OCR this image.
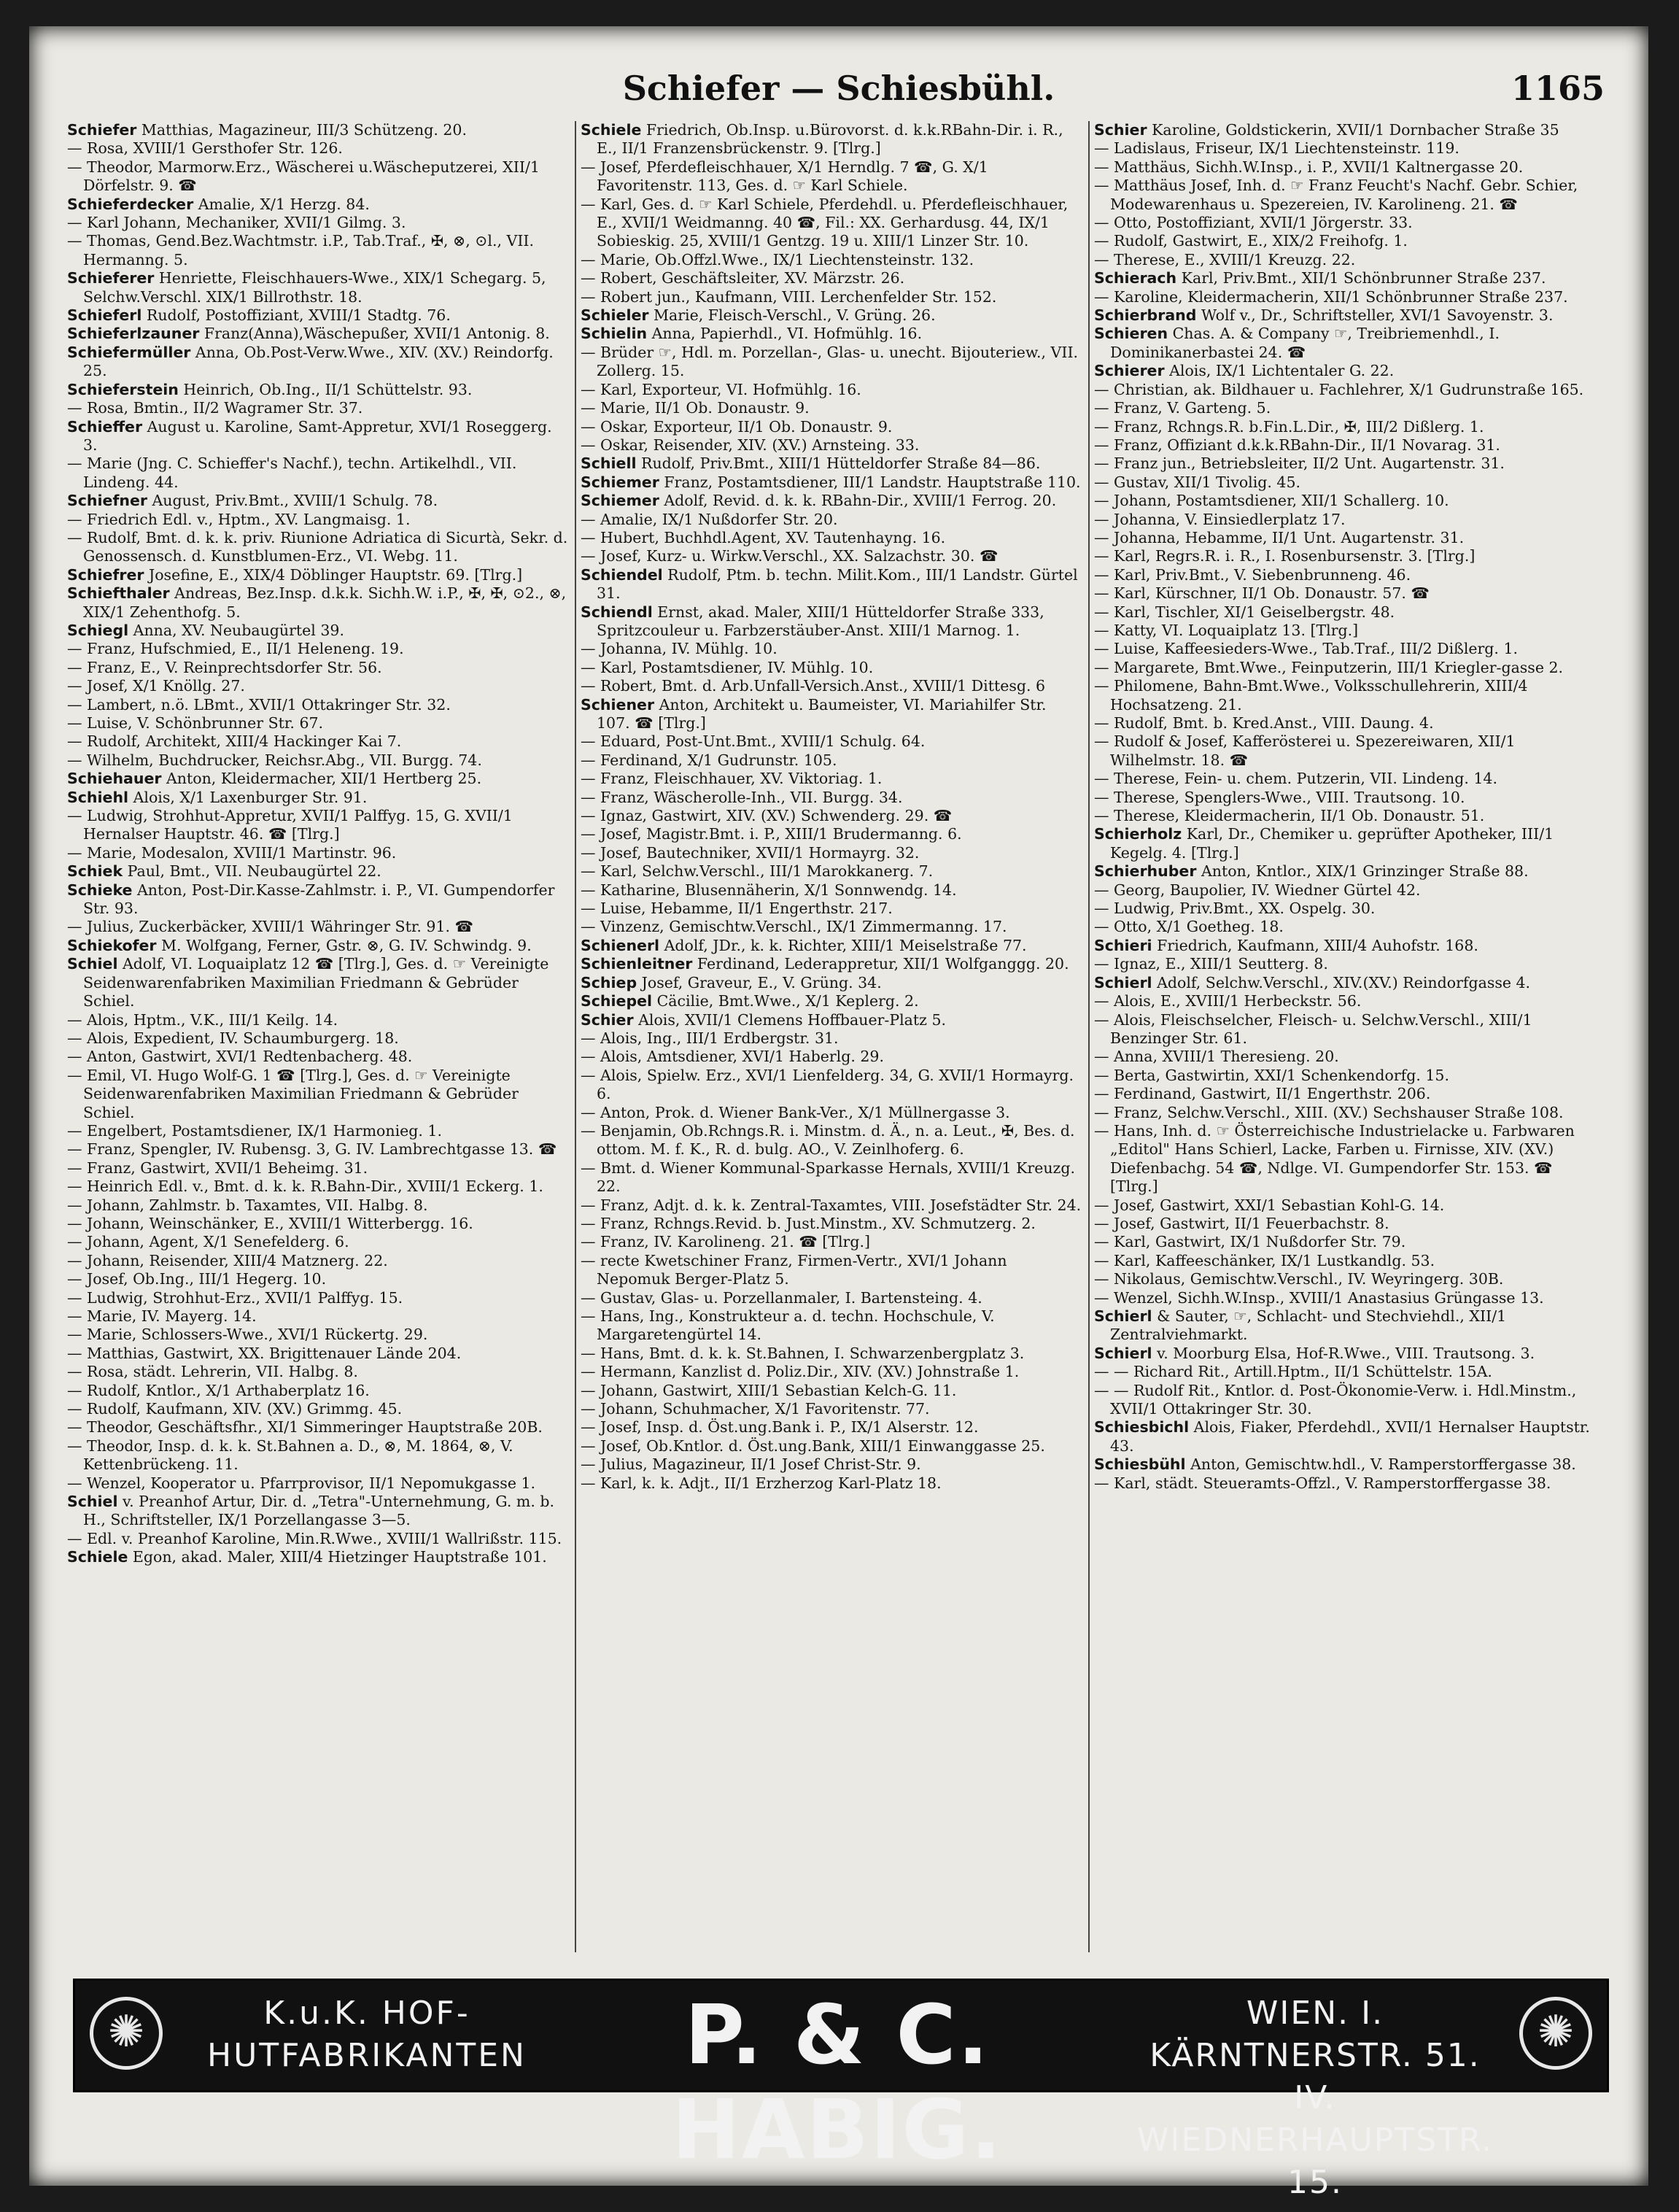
Schiefer — Schiesbühl.	1165

Schiefer Matthias, Magazineur, III/3 Schützeng. 20.

— Rosa, XVIII/1 Gersthofer Str. 126.

— Theodor, Marmorw.Erz., Wäscherei u.Wäscheputzerei, XII/1 Dörfelstr. 9. ☎

Schieferdecker Amalie, X/1 Herzg. 84.

— Karl Johann, Mechaniker, XVII/1 Gilmg. 3.

— Thomas, Gend.Bez.Wachtmstr. i.P., Tab.Traf., ✠, ⊗, ⊙l., VII. Hermanng. 5.

Schieferer Henriette, Fleischhauers-Wwe., XIX/1 Schegarg. 5, Selchw.Verschl. XIX/1 Billrothstr. 18.

Schieferl Rudolf, Postoffiziant, XVIII/1 Stadtg. 76.

Schieferlzauner Franz(Anna),Wäschepußer, XVII/1 Antonig. 8.

Schiefermüller Anna, Ob.Post-Verw.Wwe., XIV. (XV.) Reindorfg. 25.

Schieferstein Heinrich, Ob.Ing., II/1 Schüttelstr. 93.

— Rosa, Bmtin., II/2 Wagramer Str. 37.

Schieffer August u. Karoline, Samt-Appretur, XVI/1 Roseggerg. 3.

— Marie (Jng. C. Schieffer's Nachf.), techn. Artikelhdl., VII. Lindeng. 44.

Schiefner August, Priv.Bmt., XVIII/1 Schulg. 78.

— Friedrich Edl. v., Hptm., XV. Langmaisg. 1.

— Rudolf, Bmt. d. k. k. priv. Riunione Adriatica di Sicurtà, Sekr. d. Genossensch. d. Kunstblumen-Erz., VI. Webg. 11.

Schiefrer Josefine, E., XIX/4 Döblinger Hauptstr. 69. [Tlrg.]

Schiefthaler Andreas, Bez.Insp. d.k.k. Sichh.W. i.P., ✠, ✠, ⊙2., ⊗, XIX/1 Zehenthofg. 5.

Schiegl Anna, XV. Neubaugürtel 39.

— Franz, Hufschmied, E., II/1 Heleneng. 19.

— Franz, E., V. Reinprechtsdorfer Str. 56.

— Josef, X/1 Knöllg. 27.

— Lambert, n.ö. LBmt., XVII/1 Ottakringer Str. 32.

— Luise, V. Schönbrunner Str. 67.

— Rudolf, Architekt, XIII/4 Hackinger Kai 7.

— Wilhelm, Buchdrucker, Reichsr.Abg., VII. Burgg. 74.

Schiehauer Anton, Kleidermacher, XII/1 Hertberg 25.

Schiehl Alois, X/1 Laxenburger Str. 91.

— Ludwig, Strohhut-Appretur, XVII/1 Palffyg. 15, G. XVII/1 Hernalser Hauptstr. 46. ☎ [Tlrg.]

— Marie, Modesalon, XVIII/1 Martinstr. 96.

Schiek Paul, Bmt., VII. Neubaugürtel 22.

Schieke Anton, Post-Dir.Kasse-Zahlmstr. i. P., VI. Gumpendorfer Str. 93.

— Julius, Zuckerbäcker, XVIII/1 Währinger Str. 91. ☎

Schiekofer M. Wolfgang, Ferner, Gstr. ⊗, G. IV. Schwindg. 9.

Schiel Adolf, VI. Loquaiplatz 12 ☎ [Tlrg.], Ges. d. ☞ Vereinigte Seidenwarenfabriken Maximilian Friedmann & Gebrüder Schiel.

— Alois, Hptm., V.K., III/1 Keilg. 14.

— Alois, Expedient, IV. Schaumburgerg. 18.

— Anton, Gastwirt, XVI/1 Redtenbacherg. 48.

— Emil, VI. Hugo Wolf-G. 1 ☎ [Tlrg.], Ges. d. ☞ Vereinigte Seidenwarenfabriken Maximilian Friedmann & Gebrüder Schiel.

— Engelbert, Postamtsdiener, IX/1 Harmonieg. 1.

— Franz, Spengler, IV. Rubensg. 3, G. IV. Lambrechtgasse 13. ☎

— Franz, Gastwirt, XVII/1 Beheimg. 31.

— Heinrich Edl. v., Bmt. d. k. k. R.Bahn-Dir., XVIII/1 Eckerg. 1.

— Johann, Zahlmstr. b. Taxamtes, VII. Halbg. 8.

— Johann, Weinschänker, E., XVIII/1 Witterbergg. 16.

— Johann, Agent, X/1 Senefelderg. 6.

— Johann, Reisender, XIII/4 Matznerg. 22.

— Josef, Ob.Ing., III/1 Hegerg. 10.

— Ludwig, Strohhut-Erz., XVII/1 Palffyg. 15.

— Marie, IV. Mayerg. 14.

— Marie, Schlossers-Wwe., XVI/1 Rückertg. 29.

— Matthias, Gastwirt, XX. Brigittenauer Lände 204.

— Rosa, städt. Lehrerin, VII. Halbg. 8.

— Rudolf, Kntlor., X/1 Arthaberplatz 16.

— Rudolf, Kaufmann, XIV. (XV.) Grimmg. 45.

— Theodor, Geschäftsfhr., XI/1 Simmeringer Hauptstraße 20B.

— Theodor, Insp. d. k. k. St.Bahnen a. D., ⊗, M. 1864, ⊗, V. Kettenbrückeng. 11.

— Wenzel, Kooperator u. Pfarrprovisor, II/1 Nepomukgasse 1.

Schiel v. Preanhof Artur, Dir. d. „Tetra"-Unternehmung, G. m. b. H., Schriftsteller, IX/1 Porzellangasse 3—5.

— Edl. v. Preanhof Karoline, Min.R.Wwe., XVIII/1 Wallrißstr. 115.

Schiele Egon, akad. Maler, XIII/4 Hietzinger Hauptstraße 101.

Schiele Friedrich, Ob.Insp. u.Bürovorst. d. k.k.RBahn-Dir. i. R., E., II/1 Franzensbrückenstr. 9. [Tlrg.]

— Josef, Pferdefleischhauer, X/1 Herndlg. 7 ☎, G. X/1 Favoritenstr. 113, Ges. d. ☞ Karl Schiele.

— Karl, Ges. d. ☞ Karl Schiele, Pferdehdl. u. Pferdefleischhauer, E., XVII/1 Weidmanng. 40 ☎, Fil.: XX. Gerhardusg. 44, IX/1 Sobieskig. 25, XVIII/1 Gentzg. 19 u. XIII/1 Linzer Str. 10.

— Marie, Ob.Offzl.Wwe., IX/1 Liechtensteinstr. 132.

— Robert, Geschäftsleiter, XV. Märzstr. 26.

— Robert jun., Kaufmann, VIII. Lerchenfelder Str. 152.

Schieler Marie, Fleisch-Verschl., V. Grüng. 26.

Schielin Anna, Papierhdl., VI. Hofmühlg. 16.

— Brüder ☞, Hdl. m. Porzellan-, Glas- u. unecht. Bijouteriew., VII. Zollerg. 15.

— Karl, Exporteur, VI. Hofmühlg. 16.

— Marie, II/1 Ob. Donaustr. 9.

— Oskar, Exporteur, II/1 Ob. Donaustr. 9.

— Oskar, Reisender, XIV. (XV.) Arnsteing. 33.

Schiell Rudolf, Priv.Bmt., XIII/1 Hütteldorfer Straße 84—86.

Schiemer Franz, Postamtsdiener, III/1 Landstr. Hauptstraße 110.

Schiemer Adolf, Revid. d. k. k. RBahn-Dir., XVIII/1 Ferrog. 20.

— Amalie, IX/1 Nußdorfer Str. 20.

— Hubert, Buchhdl.Agent, XV. Tautenhayng. 16.

— Josef, Kurz- u. Wirkw.Verschl., XX. Salzachstr. 30. ☎

Schiendel Rudolf, Ptm. b. techn. Milit.Kom., III/1 Landstr. Gürtel 31.

Schiendl Ernst, akad. Maler, XIII/1 Hütteldorfer Straße 333, Spritzcouleur u. Farbzerstäuber-Anst. XIII/1 Marnog. 1.

— Johanna, IV. Mühlg. 10.

— Karl, Postamtsdiener, IV. Mühlg. 10.

— Robert, Bmt. d. Arb.Unfall-Versich.Anst., XVIII/1 Dittesg. 6

Schiener Anton, Architekt u. Baumeister, VI. Mariahilfer Str. 107. ☎ [Tlrg.]

— Eduard, Post-Unt.Bmt., XVIII/1 Schulg. 64.

— Ferdinand, X/1 Gudrunstr. 105.

— Franz, Fleischhauer, XV. Viktoriag. 1.

— Franz, Wäscherolle-Inh., VII. Burgg. 34.

— Ignaz, Gastwirt, XIV. (XV.) Schwenderg. 29. ☎

— Josef, Magistr.Bmt. i. P., XIII/1 Brudermanng. 6.

— Josef, Bautechniker, XVII/1 Hormayrg. 32.

— Karl, Selchw.Verschl., III/1 Marokkanerg. 7.

— Katharine, Blusennäherin, X/1 Sonnwendg. 14.

— Luise, Hebamme, II/1 Engerthstr. 217.

— Vinzenz, Gemischtw.Verschl., IX/1 Zimmermanng. 17.

Schienerl Adolf, JDr., k. k. Richter, XIII/1 Meiselstraße 77.

Schienleitner Ferdinand, Lederappretur, XII/1 Wolfganggg. 20.

Schiep Josef, Graveur, E., V. Grüng. 34.

Schiepel Cäcilie, Bmt.Wwe., X/1 Keplerg. 2.

Schier Alois, XVII/1 Clemens Hoffbauer-Platz 5.

— Alois, Ing., III/1 Erdbergstr. 31.

— Alois, Amtsdiener, XVI/1 Haberlg. 29.

— Alois, Spielw. Erz., XVI/1 Lienfelderg. 34, G. XVII/1 Hormayrg. 6.

— Anton, Prok. d. Wiener Bank-Ver., X/1 Müllnergasse 3.

— Benjamin, Ob.Rchngs.R. i. Minstm. d. Ä., n. a. Leut., ✠, Bes. d. ottom. M. f. K., R. d. bulg. AO., V. Zeinlhoferg. 6.

— Bmt. d. Wiener Kommunal-Sparkasse Hernals, XVIII/1 Kreuzg. 22.

— Franz, Adjt. d. k. k. Zentral-Taxamtes, VIII. Josefstädter Str. 24.

— Franz, Rchngs.Revid. b. Just.Minstm., XV. Schmutzerg. 2.

— Franz, IV. Karolineng. 21. ☎ [Tlrg.]

— recte Kwetschiner Franz, Firmen-Vertr., XVI/1 Johann Nepomuk Berger-Platz 5.

— Gustav, Glas- u. Porzellanmaler, I. Bartensteing. 4.

— Hans, Ing., Konstrukteur a. d. techn. Hochschule, V. Margaretengürtel 14.

— Hans, Bmt. d. k. k. St.Bahnen, I. Schwarzenbergplatz 3.

— Hermann, Kanzlist d. Poliz.Dir., XIV. (XV.) Johnstraße 1.

— Johann, Gastwirt, XIII/1 Sebastian Kelch-G. 11.

— Johann, Schuhmacher, X/1 Favoritenstr. 77.

— Josef, Insp. d. Öst.ung.Bank i. P., IX/1 Alserstr. 12.

— Josef, Ob.Kntlor. d. Öst.ung.Bank, XIII/1 Einwanggasse 25.

— Julius, Magazineur, II/1 Josef Christ-Str. 9.

— Karl, k. k. Adjt., II/1 Erzherzog Karl-Platz 18.

Schier Karoline, Goldstickerin, XVII/1 Dornbacher Straße 35

— Ladislaus, Friseur, IX/1 Liechtensteinstr. 119.

— Matthäus, Sichh.W.Insp., i. P., XVII/1 Kaltnergasse 20.

— Matthäus Josef, Inh. d. ☞ Franz Feucht's Nachf. Gebr. Schier, Modewarenhaus u. Spezereien, IV. Karolineng. 21. ☎

— Otto, Postoffiziant, XVII/1 Jörgerstr. 33.

— Rudolf, Gastwirt, E., XIX/2 Freihofg. 1.

— Therese, E., XVIII/1 Kreuzg. 22.

Schierach Karl, Priv.Bmt., XII/1 Schönbrunner Straße 237.

— Karoline, Kleidermacherin, XII/1 Schönbrunner Straße 237.

Schierbrand Wolf v., Dr., Schriftsteller, XVI/1 Savoyenstr. 3.

Schieren Chas. A. & Company ☞, Treibriemenhdl., I. Dominikanerbastei 24. ☎

Schierer Alois, IX/1 Lichtentaler G. 22.

— Christian, ak. Bildhauer u. Fachlehrer, X/1 Gudrunstraße 165.

— Franz, V. Garteng. 5.

— Franz, Rchngs.R. b.Fin.L.Dir., ✠, III/2 Dißlerg. 1.

— Franz, Offiziant d.k.k.RBahn-Dir., II/1 Novarag. 31.

— Franz jun., Betriebsleiter, II/2 Unt. Augartenstr. 31.

— Gustav, XII/1 Tivolig. 45.

— Johann, Postamtsdiener, XII/1 Schallerg. 10.

— Johanna, V. Einsiedlerplatz 17.

— Johanna, Hebamme, II/1 Unt. Augartenstr. 31.

— Karl, Regrs.R. i. R., I. Rosenbursenstr. 3. [Tlrg.]

— Karl, Priv.Bmt., V. Siebenbrunneng. 46.

— Karl, Kürschner, II/1 Ob. Donaustr. 57. ☎

— Karl, Tischler, XI/1 Geiselbergstr. 48.

— Katty, VI. Loquaiplatz 13. [Tlrg.]

— Luise, Kaffeesieders-Wwe., Tab.Traf., III/2 Dißlerg. 1.

— Margarete, Bmt.Wwe., Feinputzerin, III/1 Kriegler-gasse 2.

— Philomene, Bahn-Bmt.Wwe., Volksschullehrerin, XIII/4 Hochsatzeng. 21.

— Rudolf, Bmt. b. Kred.Anst., VIII. Daung. 4.

— Rudolf & Josef, Kafferösterei u. Spezereiwaren, XII/1 Wilhelmstr. 18. ☎

— Therese, Fein- u. chem. Putzerin, VII. Lindeng. 14.

— Therese, Spenglers-Wwe., VIII. Trautsong. 10.

— Therese, Kleidermacherin, II/1 Ob. Donaustr. 51.

Schierholz Karl, Dr., Chemiker u. geprüfter Apotheker, III/1 Kegelg. 4. [Tlrg.]

Schierhuber Anton, Kntlor., XIX/1 Grinzinger Straße 88.

— Georg, Baupolier, IV. Wiedner Gürtel 42.

— Ludwig, Priv.Bmt., XX. Ospelg. 30.

— Otto, X/1 Goetheg. 18.

Schieri Friedrich, Kaufmann, XIII/4 Auhofstr. 168.

— Ignaz, E., XIII/1 Seutterg. 8.

Schierl Adolf, Selchw.Verschl., XIV.(XV.) Reindorfgasse 4.

— Alois, E., XVIII/1 Herbeckstr. 56.

— Alois, Fleischselcher, Fleisch- u. Selchw.Verschl., XIII/1 Benzinger Str. 61.

— Anna, XVIII/1 Theresieng. 20.

— Berta, Gastwirtin, XXI/1 Schenkendorfg. 15.

— Ferdinand, Gastwirt, II/1 Engerthstr. 206.

— Franz, Selchw.Verschl., XIII. (XV.) Sechshauser Straße 108.

— Hans, Inh. d. ☞ Österreichische Industrielacke u. Farbwaren „Editol" Hans Schierl, Lacke, Farben u. Firnisse, XIV. (XV.) Diefenbachg. 54 ☎, Ndlge. VI. Gumpendorfer Str. 153. ☎ [Tlrg.]

— Josef, Gastwirt, XXI/1 Sebastian Kohl-G. 14.

— Josef, Gastwirt, II/1 Feuerbachstr. 8.

— Karl, Gastwirt, IX/1 Nußdorfer Str. 79.

— Karl, Kaffeeschänker, IX/1 Lustkandlg. 53.

— Nikolaus, Gemischtw.Verschl., IV. Weyringerg. 30B.

— Wenzel, Sichh.W.Insp., XVIII/1 Anastasius Grüngasse 13.

Schierl & Sauter, ☞, Schlacht- und Stechviehdl., XII/1 Zentralviehmarkt.

Schierl v. Moorburg Elsa, Hof-R.Wwe., VIII. Trautsong. 3.

— — Richard Rit., Artill.Hptm., II/1 Schüttelstr. 15A.

— — Rudolf Rit., Kntlor. d. Post-Ökonomie-Verw. i. Hdl.Minstm., XVII/1 Ottakringer Str. 30.

Schiesbichl Alois, Fiaker, Pferdehdl., XVII/1 Hernalser Hauptstr. 43.

Schiesbühl Anton, Gemischtw.hdl., V. Ramperstorffergasse 38.

— Karl, städt. Steueramts-Offzl., V. Ramperstorffergasse 38.

✺	K.u.K. HOF-
HUTFABRIKANTEN	P. & C. HABIG.
WIEN. I. KÄRNTNERSTR. 51.
IV. WIEDNERHAUPTSTR. 15.
✺
